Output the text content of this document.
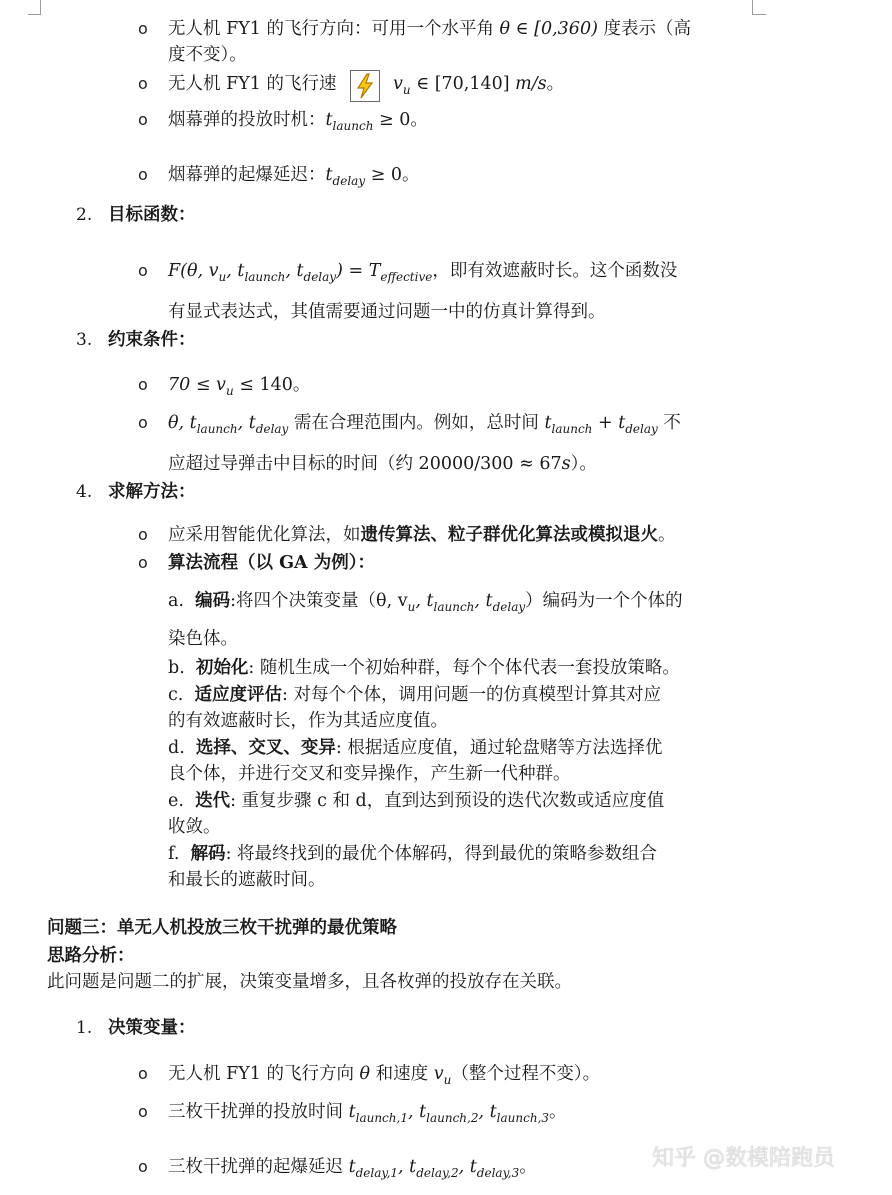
o 无人机 FY1 的飞行方向：可用一个水平角 θ ∈ [0,360) 度表示（高
度不变）。
o 无人机 FY1 的飞行速	$v_u$ ∈ [70,140] m/s。
o 烟幕弹的投放时机：$t_{launch} \ge 0$。
o 烟幕弹的起爆延迟：$t_{delay} \ge 0$。
2. 目标函数：
o F(θ, $v_u$, $t_{launch}$, $t_{delay}) = T_{effective}$，即有效遮蔽时长。这个函数没
有显式表达式，其值需要通过问题一中的仿真计算得到。
3. 约束条件：
o $70 \le v_u \le 140$。
o θ, $t_{launch}$, $t_{delay}$ 需在合理范围内。例如，总时间 $t_{launch} + t_{delay}$ 不
应超过导弹击中目标的时间（约 20000/300 ≈ 67s）。
4. 求解方法：
o 应采用智能优化算法，如遗传算法、粒子群优化算法或模拟退火。
o 算法流程（以 GA 为例）：
a. 编码:将四个决策变量（θ, $v_u$, $t_{launch}$, $t_{delay}$）编码为一个个体的
染色体。
b. 初始化: 随机生成一个初始种群，每个个体代表一套投放策略。
c. 适应度评估: 对每个个体，调用问题一的仿真模型计算其对应
的有效遮蔽时长，作为其适应度值。
d. 选择、交叉、变异: 根据适应度值，通过轮盘赌等方法选择优
良个体，并进行交叉和变异操作，产生新一代种群。
e. 迭代: 重复步骤 c 和 d，直到达到预设的迭代次数或适应度值
收敛。
f. 解码: 将最终找到的最优个体解码，得到最优的策略参数组合
和最长的遮蔽时间。
问题三：单无人机投放三枚干扰弹的最优策略
思路分析：
此问题是问题二的扩展，决策变量增多，且各枚弹的投放存在关联。
1. 决策变量：
o 无人机 FY1 的飞行方向 θ 和速度 $v_u$（整个过程不变）。
o 三枚干扰弹的投放时间 $t_{launch,1}$, $t_{launch,2}$, $t_{launch,3}$。
o 三枚干扰弹的起爆延迟 $t_{delay,1}$, $t_{delay,2}$, $t_{delay,3}$。	知乎 @数模陪跑员
